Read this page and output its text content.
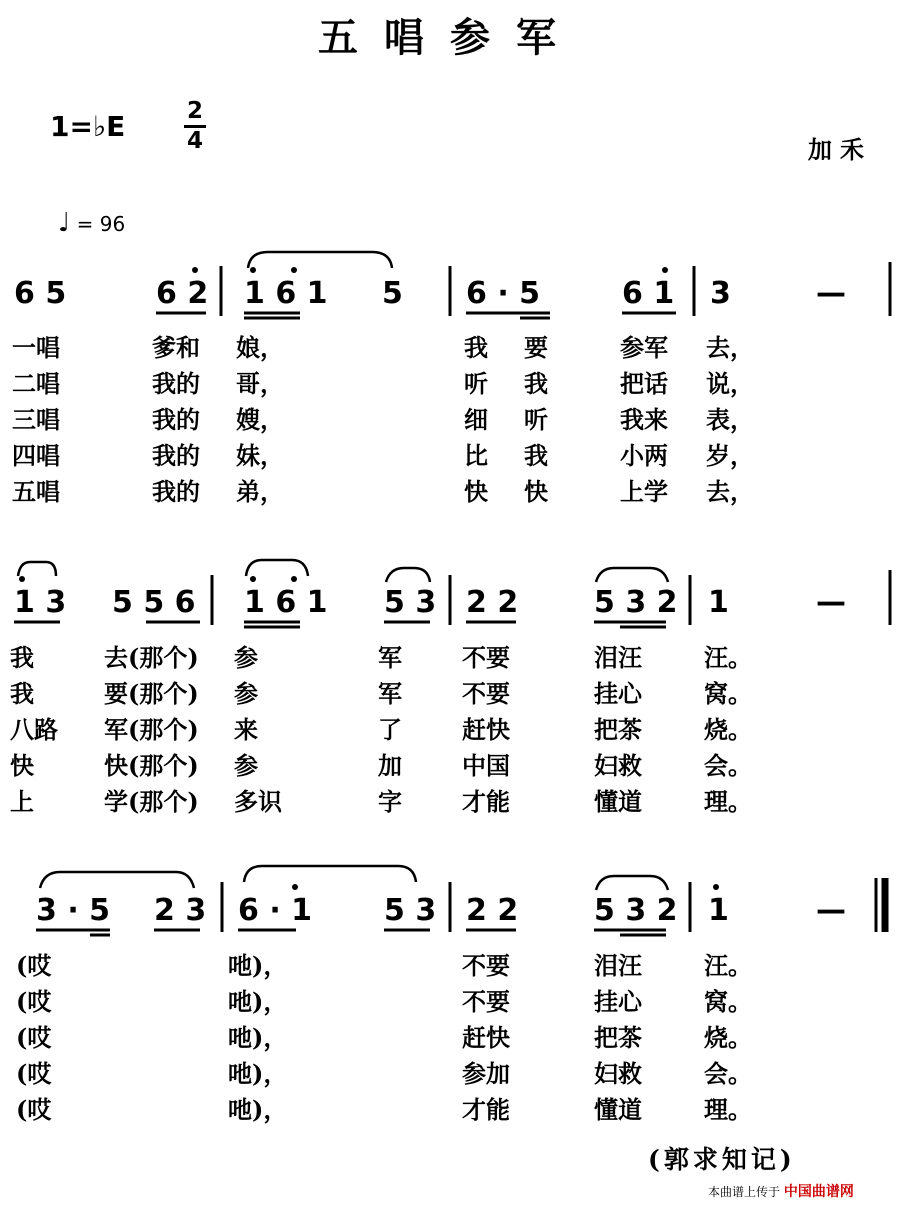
五唱参军
1=♭E	2
4	加禾
♩ = 96
6 5	6 2 1 6 1 5 6 · 5	6 1 3	—
一唱	爹和 娘，	我 要	参军 去，
二唱	我的 哥，	听 我	把话 说，
三唱	我的 嫂，	细 听	我来 表，
四唱	我的 妹，	比 我	小两 岁，
五唱	我的 弟，	快 快	上学 去，
1 3 5 5 6 1 6 1 5 3 2 2	5 3 2 1	—
我	去(那个) 参	军	不要	泪汪	汪。
我	要(那个) 参	军	不要	挂心	窝。
八路 军(那个) 来	了	赶快	把茶	烧。
快	快(那个) 参	加	中国	妇救	会。
上	学(那个) 多识	字	才能	懂道	理。
3 · 5 2 3 6 · 1 5 3 2 2	5 3 2 1	—
(哎	吔)，	不要	泪汪	汪。
(哎	吔)，	不要	挂心	窝。
(哎	吔)，	赶快	把茶	烧。
(哎	吔)，	参加	妇救	会。
(哎	吔)，	才能	懂道	理。
(郭求知记)
本曲谱上传于 中国曲谱网
